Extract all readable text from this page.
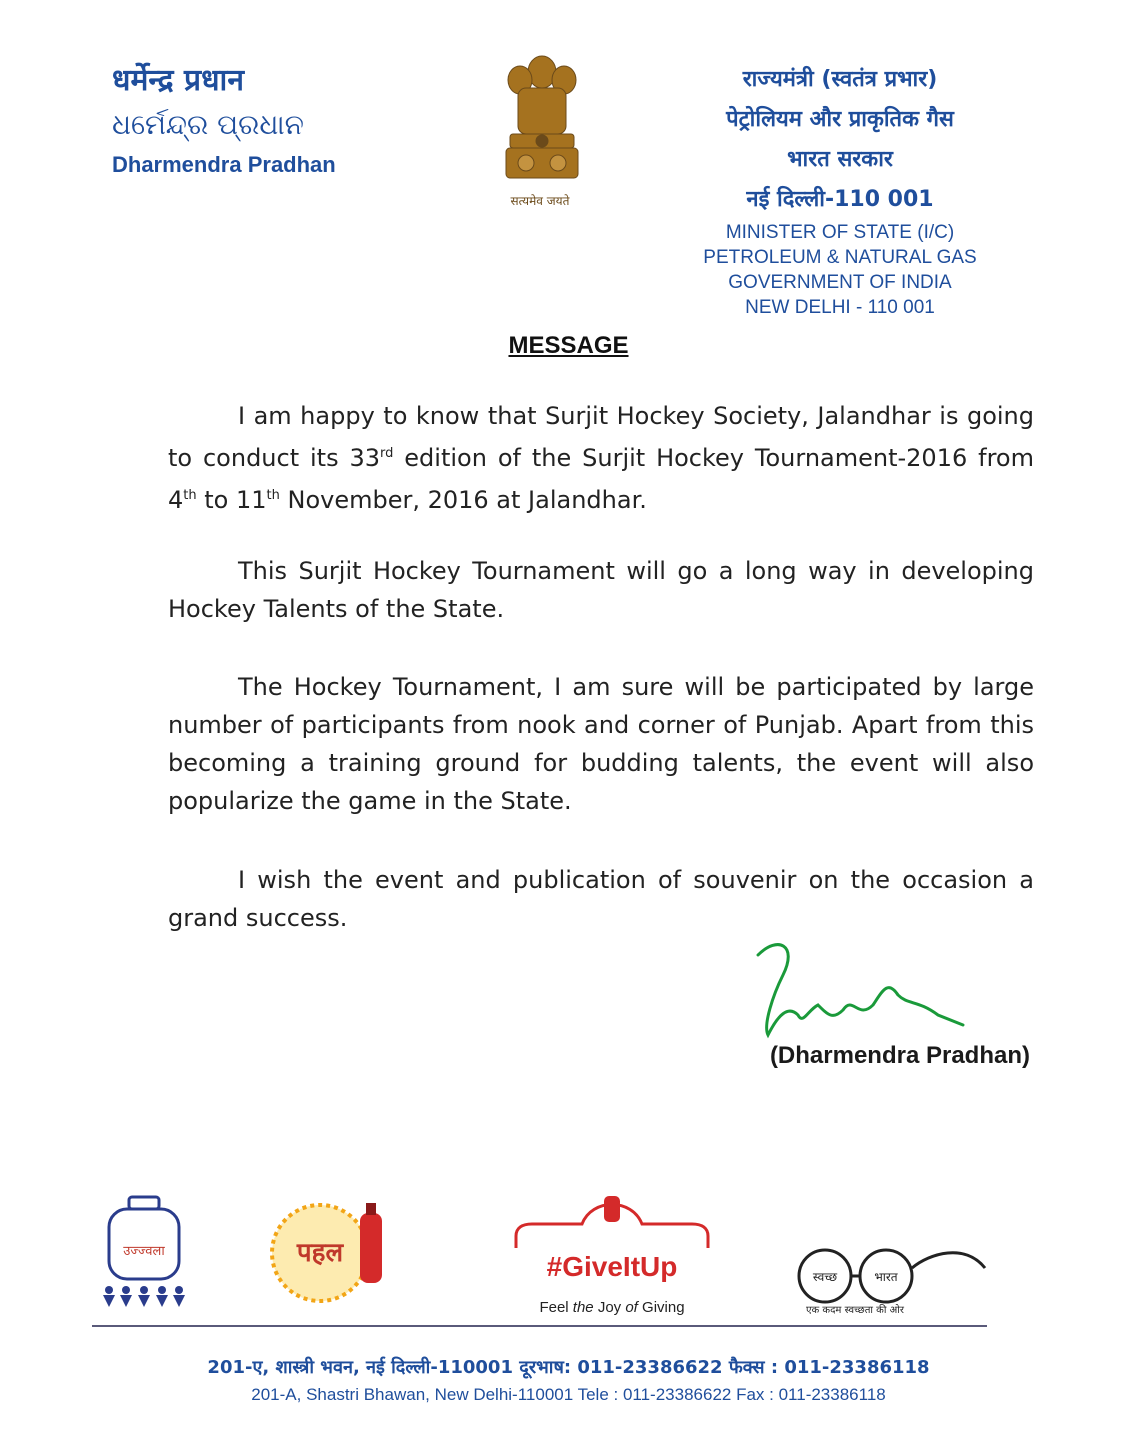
धर्मेन्द्र प्रधान
ଧର୍ମେନ୍ଦ୍ର ପ୍ରଧାନ
Dharmendra Pradhan
सत्यमेव जयते
राज्यमंत्री (स्वतंत्र प्रभार)
पेट्रोलियम और प्राकृतिक गैस
भारत सरकार
नई दिल्ली-110 001
MINISTER OF STATE (I/C)
PETROLEUM & NATURAL GAS
GOVERNMENT OF INDIA
NEW DELHI - 110 001
MESSAGE
I am happy to know that Surjit Hockey Society, Jalandhar is going to conduct its 33rd edition of the Surjit Hockey Tournament-2016 from 4th to 11th November, 2016 at Jalandhar.
This Surjit Hockey Tournament will go a long way in developing Hockey Talents of the State.
The Hockey Tournament, I am sure will be participated by large number of participants from nook and corner of Punjab. Apart from this becoming a training ground for budding talents, the event will also popularize the game in the State.
I wish the event and publication of souvenir on the occasion a grand success.
(Dharmendra Pradhan)
उज्ज्वला	पहल	#GiveItUp
Feel the Joy of Giving
स्वच्छ	भारत
एक कदम स्वच्छता की ओर
201-ए, शास्त्री भवन, नई दिल्ली-110001 दूरभाष: 011-23386622 फैक्स : 011-23386118
201-A, Shastri Bhawan, New Delhi-110001 Tele : 011-23386622 Fax : 011-23386118
